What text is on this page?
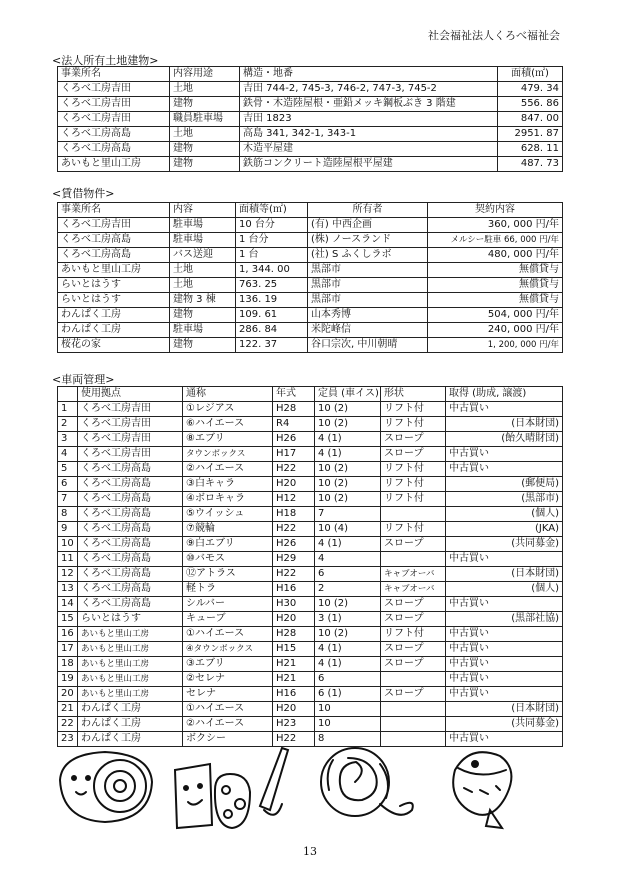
社会福祉法人くろべ福祉会
<法人所有土地建物>
事業所名	内容用途	構造・地番	面積(㎡)
くろべ工房吉田	土地	吉田 744-2, 745-3, 746-2, 747-3, 745-2	479. 34
くろべ工房吉田	建物	鉄骨・木造陸屋根・亜鉛メッキ鋼板ぶき 3 階建	556. 86
くろべ工房吉田	職員駐車場	吉田 1823	847. 00
くろべ工房高島	土地	高島 341, 342-1, 343-1	2951. 87
くろべ工房高島	建物	木造平屋建	628. 11
あいもと里山工房	建物	鉄筋コンクリート造陸屋根平屋建	487. 73
<賃借物件>
事業所名	内容	面積等(㎡)	所有者	契約内容
くろべ工房吉田	駐車場	10 台分	(有) 中西企画	360, 000 円/年
くろべ工房高島	駐車場	1 台分	(株) ノースランド	メルシー駐車 66, 000 円/年
くろべ工房高島	バス送迎	1 台	(社) S ふくしラボ	480, 000 円/年
あいもと里山工房	土地	1, 344. 00	黒部市	無償貸与
らいとはうす	土地	763. 25	黒部市	無償貸与
らいとはうす	建物 3 棟	136. 19	黒部市	無償貸与
わんぱく工房	建物	109. 61	山本秀博	504, 000 円/年
わんぱく工房	駐車場	286. 84	米陀峰信	240, 000 円/年
桜花の家	建物	122. 37	谷口宗次, 中川朝晴	1, 200, 000 円/年
<車両管理>
	使用拠点	通称	年式	定員 (車イス)	形状	取得 (助成, 譲渡)
1	くろべ工房吉田	①レジアス	H28	10 (2)	リフト付	中古買い
2	くろべ工房吉田	⑥ハイエース	R4	10 (2)	リフト付	(日本財団)
3	くろべ工房吉田	⑧エブリ	H26	4 (1)	スロープ	(飴久晴財団)
4	くろべ工房吉田	タウンボックス	H17	4 (1)	スロープ	中古買い
5	くろべ工房高島	②ハイエース	H22	10 (2)	リフト付	中古買い
6	くろべ工房高島	③白キャラ	H20	10 (2)	リフト付	(郵便局)
7	くろべ工房高島	④ボロキャラ	H12	10 (2)	リフト付	(黒部市)
8	くろべ工房高島	⑤ウイッシュ	H18	7		(個人)
9	くろべ工房高島	⑦競輪	H22	10 (4)	リフト付	(JKA)
10	くろべ工房高島	⑨白エブリ	H26	4 (1)	スロープ	(共同募金)
11	くろべ工房高島	⑩バモス	H29	4		中古買い
12	くろべ工房高島	⑫アトラス	H22	6	キャブオーバ	(日本財団)
13	くろべ工房高島	軽トラ	H16	2	キャブオーバ	(個人)
14	くろべ工房高島	シルバー	H30	10 (2)	スロープ	中古買い
15	らいとはうす	キューブ	H20	3 (1)	スロープ	(黒部社協)
16	あいもと里山工房	①ハイエース	H28	10 (2)	リフト付	中古買い
17	あいもと里山工房	④タウンボックス	H15	4 (1)	スロープ	中古買い
18	あいもと里山工房	③エブリ	H21	4 (1)	スロープ	中古買い
19	あいもと里山工房	②セレナ	H21	6		中古買い
20	あいもと里山工房	セレナ	H16	6 (1)	スロープ	中古買い
21	わんぱく工房	①ハイエース	H20	10		(日本財団)
22	わんぱく工房	②ハイエース	H23	10		(共同募金)
23	わんぱく工房	ボクシー	H22	8		中古買い
13
